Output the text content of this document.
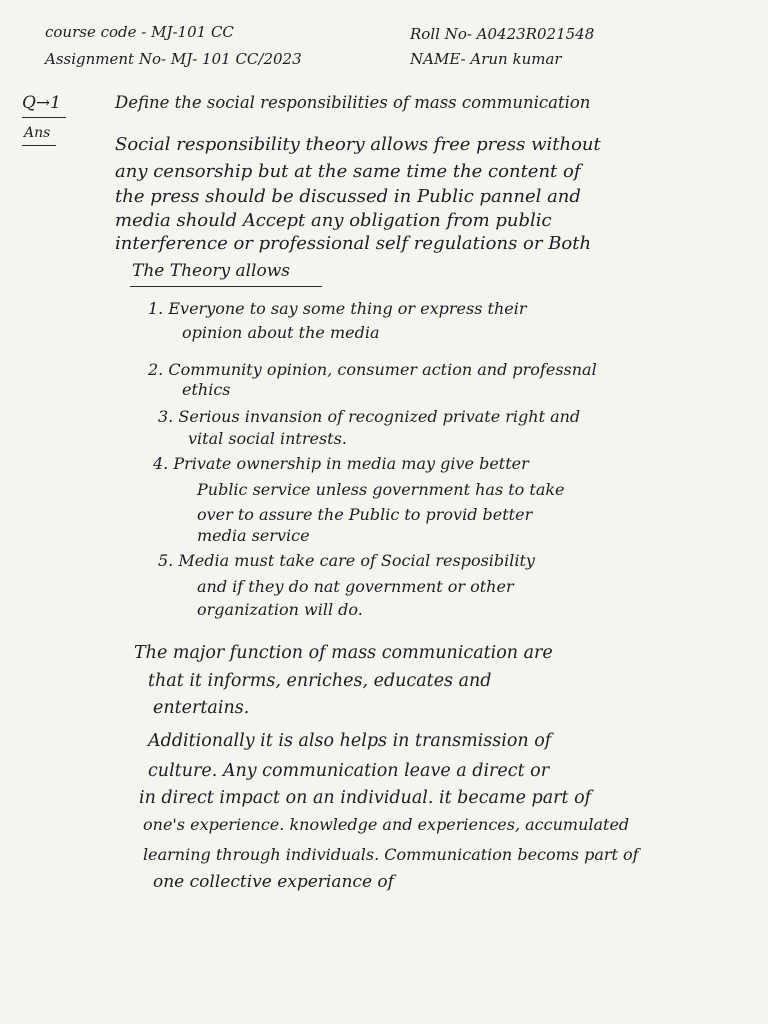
course code - MJ-101 CC	Roll No- A0423R021548
Assignment No- MJ- 101 CC/2023	NAME- Arun kumar
Q→1
Ans
Define the social responsibilities of mass communication
Social responsibility theory allows free press without
any censorship but at the same time the content of
the press should be discussed in Public pannel and
media should Accept any obligation from public
interference or professional self regulations or Both
The Theory allows
1. Everyone to say some thing or express their
opinion about the media
2. Community opinion, consumer action and professnal
ethics
3. Serious invansion of recognized private right and
vital social intrests.
4. Private ownership in media may give better
Public service unless government has to take
over to assure the Public to provid better
media service
5. Media must take care of Social resposibility
and if they do nat government or other
organization will do.
The major function of mass communication are
that it informs, enriches, educates and
entertains.
Additionally it is also helps in transmission of
culture. Any communication leave a direct or
in direct impact on an individual. it became part of
one's experience. knowledge and experiences, accumulated
learning through individuals. Communication becoms part of
one collective experiance of
